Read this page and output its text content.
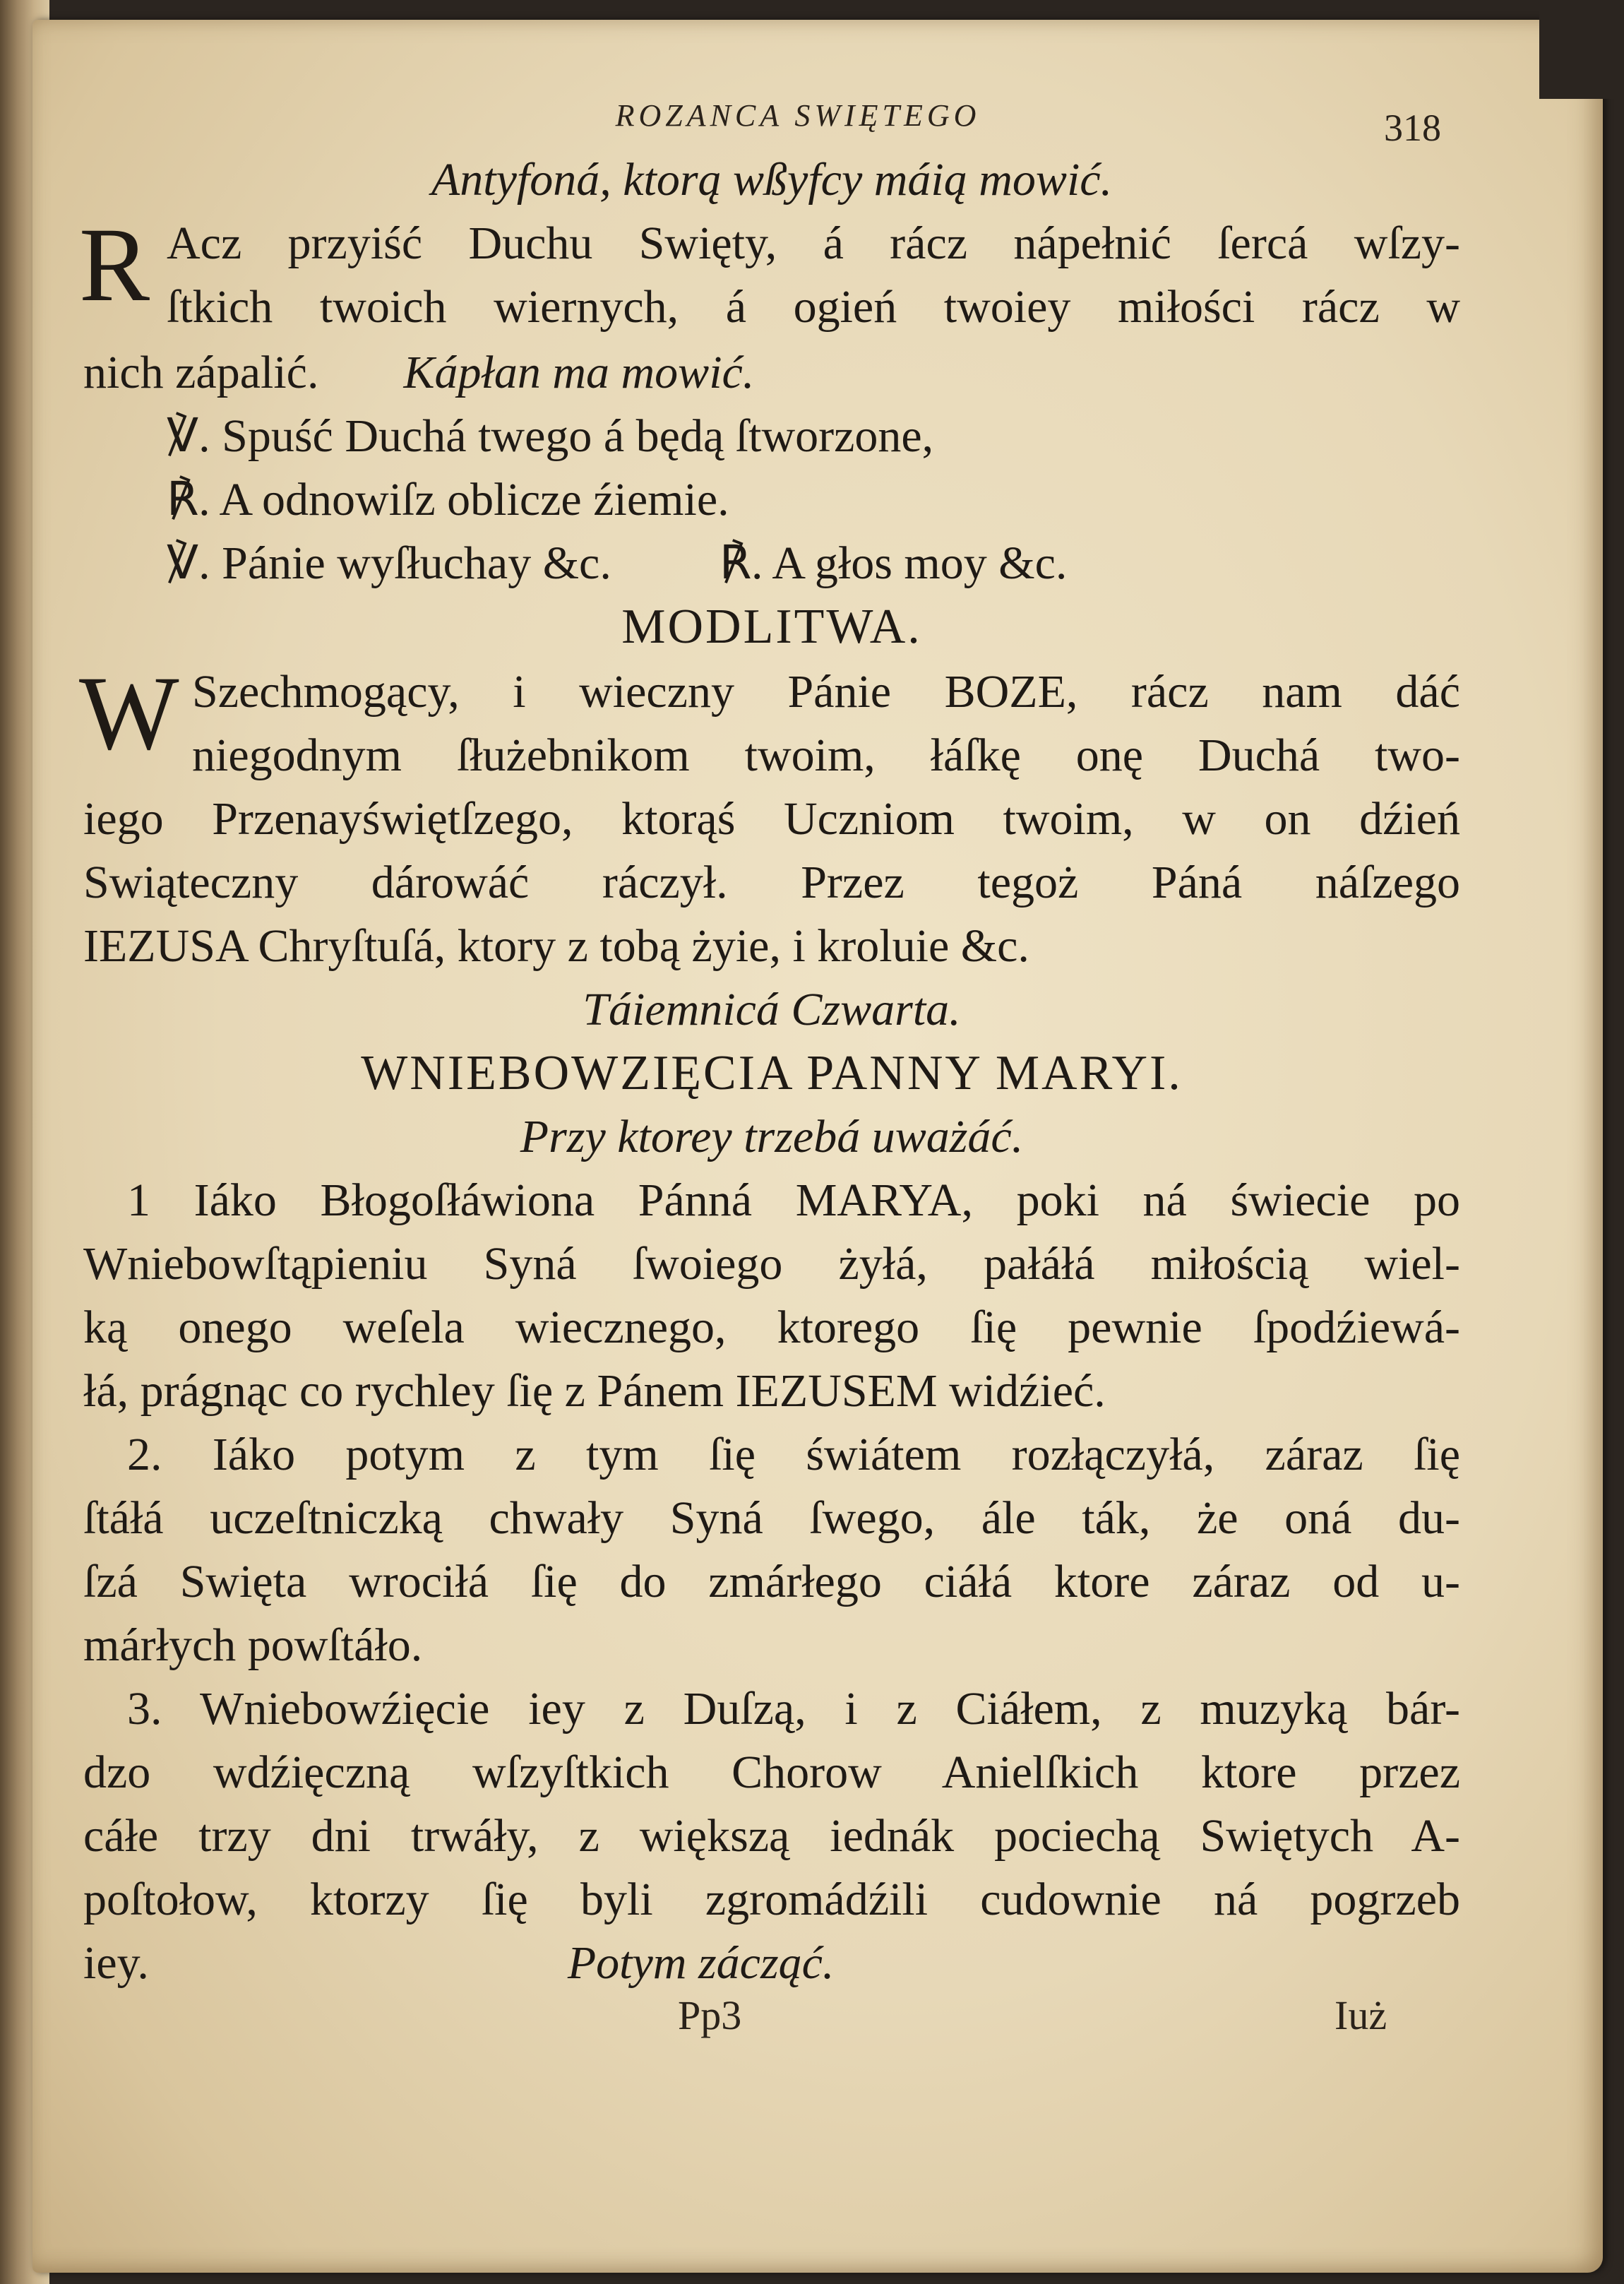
ROZANCA SWIĘTEGO	318
Antyfoná, ktorą wßyfcy máią mowić.
R Acz przyiść Duchu Swięty, á rácz nápełnić ſercá wſzy-
ſtkich twoich wiernych, á ogień twoiey miłości rácz w
nich zápalić. Kápłan ma mowić.
℣. Spuść Duchá twego á będą ſtworzone,
℟. A odnowiſz oblicze źiemie.
℣. Pánie wyſłuchay &c. ℟. A głos moy &c.
MODLITWA.
W Szechmogący, i wieczny Pánie BOZE, rácz nam dáć
niegodnym ſłużebnikom twoim, łáſkę onę Duchá two-
iego Przenayświętſzego, ktorąś Uczniom twoim, w on dźień
Swiąteczny dárowáć ráczył. Przez tegoż Páná náſzego
IEZUSA Chryſtuſá, ktory z tobą żyie, i kroluie &c.
Táiemnicá Czwarta.
WNIEBOWZIĘCIA PANNY MARYI.
Przy ktorey trzebá uważáć.
1 Iáko Błogoſłáwiona Pánná MARYA, poki ná świecie po
Wniebowſtąpieniu Syná ſwoiego żyłá, pałáłá miłością wiel-
ką onego weſela wiecznego, ktorego ſię pewnie ſpodźiewá-
łá, prágnąc co rychley ſię z Pánem IEZUSEM widźieć.
2. Iáko potym z tym ſię świátem rozłączyłá, záraz ſię
ſtáłá uczeſtniczką chwały Syná ſwego, ále ták, że oná du-
ſzá Swięta wrociłá ſię do zmárłego ciáłá ktore záraz od u-
márłych powſtáło.
3. Wniebowźięcie iey z Duſzą, i z Ciáłem, z muzyką bár-
dzo wdźięczną wſzyſtkich Chorow Anielſkich ktore przez
cáłe trzy dni trwáły, z większą iednák pociechą Swiętych A-
poſtołow, ktorzy ſię byli zgromádźili cudownie ná pogrzeb
iey.	Potym zácząć.
Pp3	Iuż
